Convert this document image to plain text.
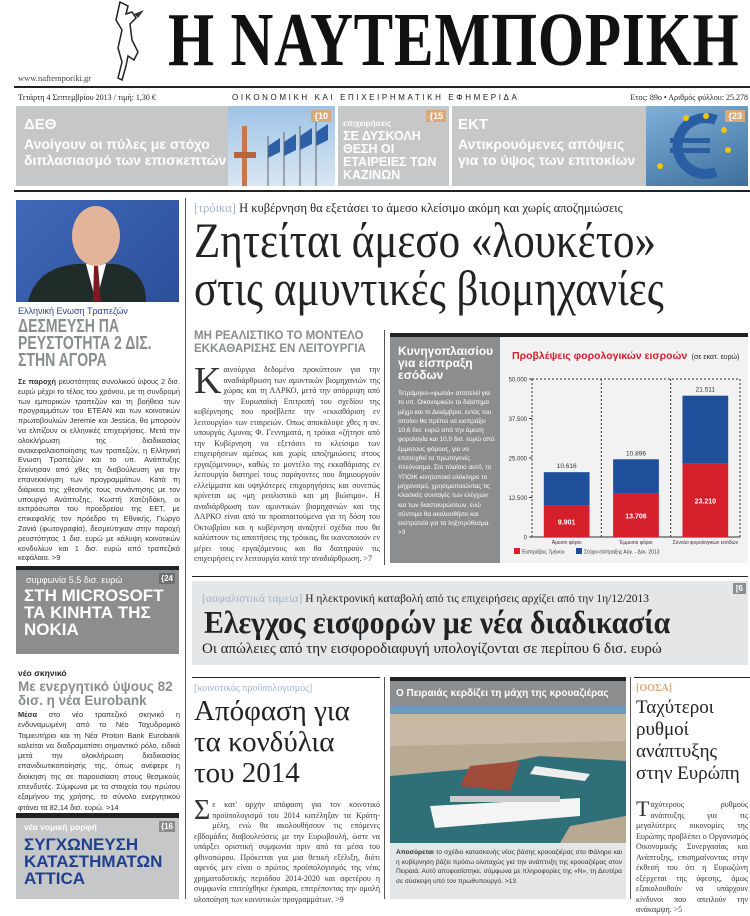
Η ΝΑΥΤΕΜΠΟΡΙΚΗ
www.naftemporiki.gr
Τετάρτη 4 Σεπτεμβρίου 2013 / τιμή: 1,30 €	ΟΙΚΟΝΟΜΙΚΗ ΚΑΙ ΕΠΙΧΕΙΡΗΜΑΤΙΚΗ ΕΦΗΜΕΡΙΔΑ	Ετος: 89ο • Αριθμός φύλλου: 25.278
ΔΕΘ
Ανοίγουν οι πύλες με στόχο διπλασιασμό των επισκεπτών
{10
επιχειρήσεις
ΣΕ ΔΥΣΚΟΛΗ ΘΕΣΗ ΟΙ ΕΤΑΙΡΕΙΕΣ ΤΩΝ ΚΑΖΙΝΩΝ
{15 ΕΚΤ
Αντικρουόμενες απόψεις για το ύψος των επιτοκίων
{23
Ελληνική Ενωση Τραπεζών
ΔΕΣΜΕΥΣΗ ΠΑ ΡΕΥΣΤΟΤΗΤΑ 2 ΔΙΣ. ΣΤΗΝ ΑΓΟΡΑ
Σε παροχή ρευστότητας συνολικού ύψους 2 δισ. ευρώ μέχρι το τέλος του χρόνου, με τη συνδρομή των εμπορικών τραπεζών και τη βοήθεια των προγραμμάτων του ΕΤΕΑΝ και των κοινοτικών πρωτοβουλιών Jeremie και Jessica, θα μπορούν να ελπίζουν οι ελληνικές επιχειρήσεις. Μετά την ολοκλήρωση της διαδικασίας ανακεφαλαιοποίησης των τραπεζών, η Ελληνική Ενωση Τραπεζών και το υπ. Ανάπτυξης ξεκίνησαν από χθες τη διαβούλευση για την επανεκκίνηση των προγραμμάτων. Κατά τη διάρκεια της χθεσινής τους συνάντησης με τον υπουργό Ανάπτυξης, Κωστή Χατζηδάκη, οι εκπρόσωποι του προεδρείου της ΕΕΤ, με επικεφαλής τον πρόεδρο τη Εθνικής, Γιώργο Ζανιά (φωτογραφία), δεσμεύτηκαν στην παροχή ρευστότητας 1 δισ. ευρώ με κάλυψη κοινοτικών κονδυλίων και 1 δισ. ευρώ από τραπεζικά κεφάλαια. >9
συμφωνία 5,5 δισ. ευρώ
ΣΤΗ MICROSOFT ΤΑ ΚΙΝΗΤΑ ΤΗΣ NOKIA
{24
νέο σκηνικό
Με ενεργητικό ύψους 82 δισ. η νέα Eurobank
Μέσα στο νέο τραπεζικό σκηνικό η ενδυναμωμένη από το Νέο Ταχυδρομικό Ταμιευτήριο και τη Νέα Proton Bank Eurobank καλείται να διαδραματίσει σημαντικό ρόλο, ειδικά μετά την ολοκλήρωση διαδικασίας επανιδιωτικοποίησής της, όπως ανέφερε η διοίκηση της σε παρουσίαση στους θεσμικούς επενδυτές. Σύμφωνα με τα στοιχεία του πρώτου εξαμήνου της χρήσης, το σύνολο ενεργητικού φτάνει τα 82,14 δισ. ευρώ. >14
νέα νομική μορφή
ΣΥΓΧΩΝΕΥΣΗ ΚΑΤΑΣΤΗΜΑΤΩΝ ATTICA
{16
[τρόικα] Η κυβέρνηση θα εξετάσει το άμεσο κλείσιμο ακόμη και χωρίς αποζημιώσεις
Ζητείται άμεσο «λουκέτο»
στις αμυντικές βιομηχανίες
ΜΗ ΡΕΑΛΙΣΤΙΚΟ ΤΟ ΜΟΝΤΕΛΟ ΕΚΚΑΘΑΡΙΣΗΣ ΕΝ ΛΕΙΤΟΥΡΓΙΑ
Καινούργια δεδομένα προκύπτουν για την αναδιάρθρωση των αμυντικών βιομηχανιών της χώρας και τη ΛΑΡΚΟ, μετά την απόρριψη από την Ευρωπαϊκή Επιτροπή του σχεδίου της κυβέρνησης που προέβλεπε την «εκκαθάριση εν λειτουργία» των εταιρειών. Οπως αποκάλυψε χθες η αν. υπουργός Αμυνας Φ. Γεννηματά, η τρόικα «ζήτησε από την Κυβέρνηση να εξετάσει το κλείσιμο των επιχειρήσεων αμέσως και χωρίς αποζημιώσεις στους εργαζόμενους», καθώς το μοντέλο της εκκαθάρισης εν λειτουργία διατηρεί τους παράγοντες που δημιουργούν ελλείμματα και υψηλότερες επιχορηγήσεις και συνεπώς κρίνεται ως «μη ρεαλιστικό και μη βιώσιμο». Η αναδιάρθρωση των αμυντικών βιομηχανιών και της ΛΑΡΚΟ είναι από τα προαπαιτούμενα για τη δόση του Οκτωβρίου και η κυβέρνηση αναζητεί σχέδια που θα καλύπτουν τις απαιτήσεις της τρόικας, θα ικανοποιούν εν μέρει τους εργαζόμενους και θα διατηρούν τις επιχειρήσεις εν λειτουργία κατά την αναδιάρθρωση. >7
Κυνηγοπλαισίου για είσπραξη εσόδων
Τετράμηνο-«φωτιά» αποτελεί για το υπ. Οικονομικών το διάστημα μέχρι και το Δεκέμβριο, εντός του οποίου θα πρέπει να εισπράξει 10,6 δισ. ευρώ από την άμεση φορολογία και 10,9 δισ. ευρώ από έμμεσους φόρους, για να επιτευχθεί το πρωτογενές πλεόνασμα. Στο πλαίσιο αυτό, το ΥΠΟΙΚ κινητοποιεί ολόκληρο το μηχανισμό, χρησιμοποιώντας τις κλασικές συνταγές των ελέγχων και των διασταυρώσεων, ενώ σύντομα θα ακολουθήσει και εκστρατεία για τα ληξιπρόθεσμα. >3
Προβλέψεις φορολογικών εισροών (σε εκατ. ευρώ)
0
12.500
25.000
37.500
50.000
9.901
10.616
Άμεσοι φόροι
13.706
10.896
Έμμεσοι φόροι
23.210
21.511
Σύνολο φορολογικών εσόδων
Εισπράξεις 7μήνου	Στόχοι είσπραξης Αύγ. - Δεκ. 2013
[ασφαλιστικά ταμεία] Η ηλεκτρονική καταβολή από τις επιχειρήσεις αρχίζει από την 1η/12/2013
Ελεγχος εισφορών με νέα διαδικασία
Οι απώλειες από την εισφοροδιαφυγή υπολογίζονται σε περίπου 6 δισ. ευρώ
[6
[κοινοτικός προϋπολογισμός]
Απόφαση για τα κονδύλια του 2014
Σε κατ' αρχήν απόφαση για τον κοινοτικό προϋπολογισμό του 2014 κατέληξαν τα Κράτη-μέλη, ενώ θα ακολουθήσουν τις επόμενες εβδομάδες διαβουλεύσεις με την Ευρωβουλή, ώστε να υπάρξει οριστική συμφωνία πριν από τα μέσα του φθινοπώρου. Πρόκειται για μια θετική εξέλιξη, διότι αφενός μεν είναι ο πρώτος προϋπολογισμός της νέας χρηματοδοτικής περιόδου 2014-2020 και αφετέρου η συμφωνία επιτεύχθηκε έγκαιρα, επιτρέποντας την ομαλή υλοποίηση των κοινοτικών προγραμμάτων. >9
Ο Πειραιάς κερδίζει τη μάχη της κρουαζιέρας
Αποσύρεται το σχέδιο κατασκευής νέας βάσης κρουαζιέρας στο Φάληρο και η κυβέρνηση βάζει πρόσω ολοταχώς για την ανάπτυξη της κρουαζιέρας στον Πειραιά. Αυτό αποφασίστηκε, σύμφωνα με πληροφορίες της «Ν», τη Δευτέρα σε σύσκεψη υπό τον πρωθυπουργό. >13
[ΟΟΣΑ]
Ταχύτεροι ρυθμοί ανάπτυξης στην Ευρώπη
Ταχύτερους ρυθμούς ανάπτυξης για τις μεγαλύτερες οικονομίες της Ευρώπης προβλέπει ο Οργανισμός Οικονομικής Συνεργασίας και Ανάπτυξης, επισημαίνοντας στην έκθεσή του ότι η Ευρωζώνη εξέρχεται της ύφεσης, όμως εξακολουθούν να υπάρχουν κίνδυνοι που απειλούν την ανάκαμψη. >5
